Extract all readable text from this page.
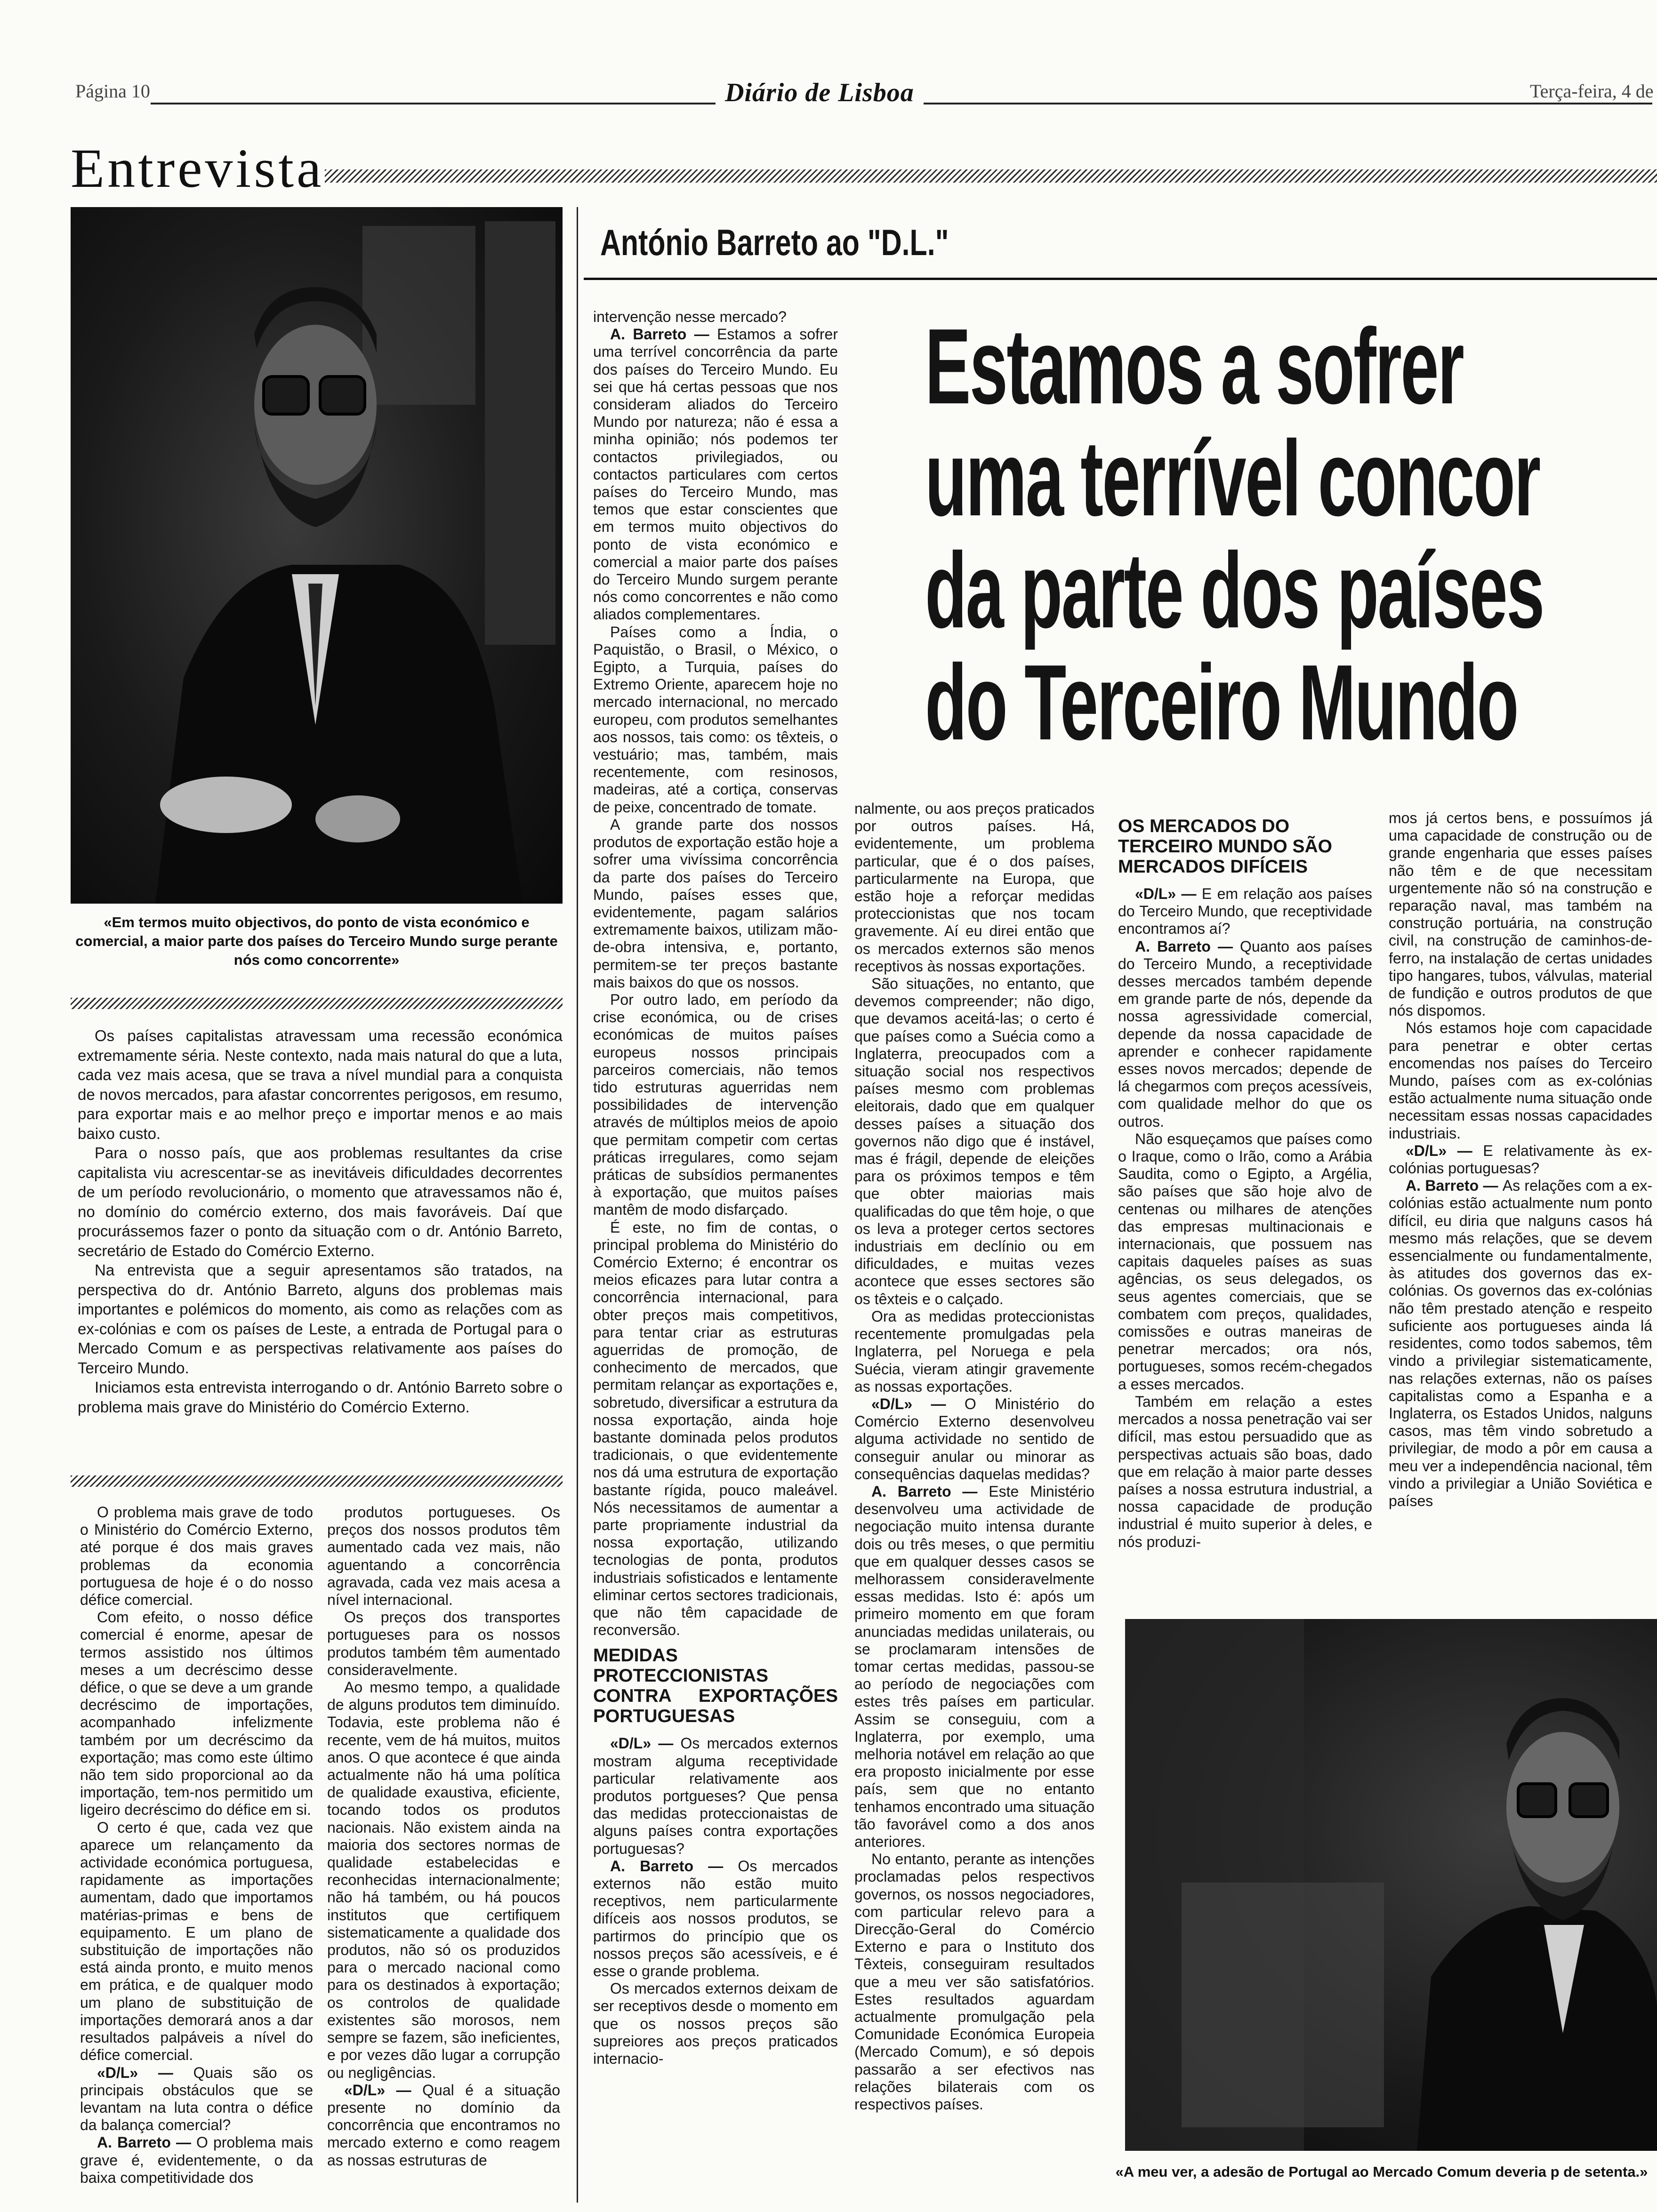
Página 10	Diário de Lisboa	Terça-feira, 4 de
Entrevista
«Em termos muito objectivos, do ponto de vista económico e comercial, a maior parte dos países do Terceiro Mundo surge perante nós como concorrente»

Os países capitalistas atravessam uma recessão económica extremamente séria. Neste contexto, nada mais natural do que a luta, cada vez mais acesa, que se trava a nível mundial para a conquista de novos mercados, para afastar concorrentes perigosos, em resumo, para exportar mais e ao melhor preço e importar menos e ao mais baixo custo.

Para o nosso país, que aos problemas resultantes da crise capitalista viu acrescentar-se as inevitáveis dificuldades decorrentes de um período revolucionário, o momento que atravessamos não é, no domínio do comércio externo, dos mais favoráveis. Daí que procurássemos fazer o ponto da situação com o dr. António Barreto, secretário de Estado do Comércio Externo.

Na entrevista que a seguir apresentamos são tratados, na perspectiva do dr. António Barreto, alguns dos problemas mais importantes e polémicos do momento, ais como as relações com as ex-colónias e com os países de Leste, a entrada de Portugal para o Mercado Comum e as perspectivas relativamente aos países do Terceiro Mundo.

Iniciamos esta entrevista interrogando o dr. António Barreto sobre o problema mais grave do Ministério do Comércio Externo.

O problema mais grave de todo o Ministério do Comércio Externo, até porque é dos mais graves problemas da economia portuguesa de hoje é o do nosso défice comercial.

Com efeito, o nosso défice comercial é enorme, apesar de termos assistido nos últimos meses a um decréscimo desse défice, o que se deve a um grande decréscimo de importações, acompanhado infelizmente também por um decréscimo da exportação; mas como este último não tem sido proporcional ao da importação, tem-nos permitido um ligeiro decréscimo do défice em si.

O certo é que, cada vez que aparece um relançamento da actividade económica portuguesa, rapidamente as importações aumentam, dado que importamos matérias-primas e bens de equipamento. E um plano de substituição de importações não está ainda pronto, e muito menos em prática, e de qualquer modo um plano de substituição de importações demorará anos a dar resultados palpáveis a nível do défice comercial.

«D/L» — Quais são os principais obstáculos que se levantam na luta contra o défice da balança comercial?

A. Barreto — O problema mais grave é, evidentemente, o da baixa competitividade dos

produtos portugueses. Os preços dos nossos produtos têm aumentado cada vez mais, não aguentando a concorrência agravada, cada vez mais acesa a nível internacional.

Os preços dos transportes portugueses para os nossos produtos também têm aumentado consideravelmente.

Ao mesmo tempo, a qualidade de alguns produtos tem diminuído. Todavia, este problema não é recente, vem de há muitos, muitos anos. O que acontece é que ainda actualmente não há uma política de qualidade exaustiva, eficiente, tocando todos os produtos nacionais. Não existem ainda na maioria dos sectores normas de qualidade estabelecidas e reconhecidas internacionalmente; não há também, ou há poucos institutos que certifiquem sistematicamente a qualidade dos produtos, não só os produzidos para o mercado nacional como para os destinados à exportação; os controlos de qualidade existentes são morosos, nem sempre se fazem, são ineficientes, e por vezes dão lugar a corrupção ou negligências.

«D/L» — Qual é a situação presente no domínio da concorrência que encontramos no mercado externo e como reagem as nossas estruturas de

António Barreto ao "D.L."

intervenção nesse mercado?

A. Barreto — Estamos a sofrer uma terrível concorrência da parte dos países do Terceiro Mundo. Eu sei que há certas pessoas que nos consideram aliados do Terceiro Mundo por natureza; não é essa a minha opinião; nós podemos ter contactos privilegiados, ou contactos particulares com certos países do Terceiro Mundo, mas temos que estar conscientes que em termos muito objectivos do ponto de vista económico e comercial a maior parte dos países do Terceiro Mundo surgem perante nós como concorrentes e não como aliados complementares.

Países como a Índia, o Paquistão, o Brasil, o México, o Egipto, a Turquia, países do Extremo Oriente, aparecem hoje no mercado internacional, no mercado europeu, com produtos semelhantes aos nossos, tais como: os têxteis, o vestuário; mas, também, mais recentemente, com resinosos, madeiras, até a cortiça, conservas de peixe, concentrado de tomate.

A grande parte dos nossos produtos de exportação estão hoje a sofrer uma vivíssima concorrência da parte dos países do Terceiro Mundo, países esses que, evidentemente, pagam salários extremamente baixos, utilizam mão-de-obra intensiva, e, portanto, permitem-se ter preços bastante mais baixos do que os nossos.

Por outro lado, em período da crise económica, ou de crises económicas de muitos países europeus nossos principais parceiros comerciais, não temos tido estruturas aguerridas nem possibilidades de intervenção através de múltiplos meios de apoio que permitam competir com certas práticas irregulares, como sejam práticas de subsídios permanentes à exportação, que muitos países mantêm de modo disfarçado.

É este, no fim de contas, o principal problema do Ministério do Comércio Externo; é encontrar os meios eficazes para lutar contra a concorrência internacional, para obter preços mais competitivos, para tentar criar as estruturas aguerridas de promoção, de conhecimento de mercados, que permitam relançar as exportações e, sobretudo, diversificar a estrutura da nossa exportação, ainda hoje bastante dominada pelos produtos tradicionais, o que evidentemente nos dá uma estrutura de exportação bastante rígida, pouco maleável. Nós necessitamos de aumentar a parte propriamente industrial da nossa exportação, utilizando tecnologias de ponta, produtos industriais sofisticados e lentamente eliminar certos sectores tradicionais, que não têm capacidade de reconversão.

MEDIDAS PROTECCIONISTAS CONTRA EXPORTAÇÕES PORTUGUESAS

«D/L» — Os mercados externos mostram alguma receptividade particular relativamente aos produtos portgueses? Que pensa das medidas proteccionaistas de alguns países contra exportações portuguesas?

A. Barreto — Os mercados externos não estão muito receptivos, nem particularmente difíceis aos nossos produtos, se partirmos do princípio que os nossos preços são acessíveis, e é esse o grande problema.

Os mercados externos deixam de ser receptivos desde o momento em que os nossos preços são supreiores aos preços praticados internacio-

Estamos a sofrer
uma terrível concor
da parte dos países
do Terceiro Mundo

nalmente, ou aos preços praticados por outros países. Há, evidentemente, um problema particular, que é o dos países, particularmente na Europa, que estão hoje a reforçar medidas proteccionistas que nos tocam gravemente. Aí eu direi então que os mercados externos são menos receptivos às nossas exportações.

São situações, no entanto, que devemos compreender; não digo, que devamos aceitá-las; o certo é que países como a Suécia como a Inglaterra, preocupados com a situação social nos respectivos países mesmo com problemas eleitorais, dado que em qualquer desses países a situação dos governos não digo que é instável, mas é frágil, depende de eleições para os próximos tempos e têm que obter maiorias mais qualificadas do que têm hoje, o que os leva a proteger certos sectores industriais em declínio ou em dificuldades, e muitas vezes acontece que esses sectores são os têxteis e o calçado.

Ora as medidas proteccionistas recentemente promulgadas pela Inglaterra, pel Noruega e pela Suécia, vieram atingir gravemente as nossas exportações.

«D/L» — O Ministério do Comércio Externo desenvolveu alguma actividade no sentido de conseguir anular ou minorar as consequências daquelas medidas?

A. Barreto — Este Ministério desenvolveu uma actividade de negociação muito intensa durante dois ou três meses, o que permitiu que em qualquer desses casos se melhorassem consideravelmente essas medidas. Isto é: após um primeiro momento em que foram anunciadas medidas unilaterais, ou se proclamaram intensões de tomar certas medidas, passou-se ao período de negociações com estes três países em particular. Assim se conseguiu, com a Inglaterra, por exemplo, uma melhoria notável em relação ao que era proposto inicialmente por esse país, sem que no entanto tenhamos encontrado uma situação tão favorável como a dos anos anteriores.

No entanto, perante as intenções proclamadas pelos respectivos governos, os nossos negociadores, com particular relevo para a Direcção-Geral do Comércio Externo e para o Instituto dos Têxteis, conseguiram resultados que a meu ver são satisfatórios. Estes resultados aguardam actualmente promulgação pela Comunidade Económica Europeia (Mercado Comum), e só depois passarão a ser efectivos nas relações bilaterais com os respectivos países.

OS MERCADOS DO TERCEIRO MUNDO SÃO MERCADOS DIFÍCEIS

«D/L» — E em relação aos países do Terceiro Mundo, que receptividade encontramos aí?

A. Barreto — Quanto aos países do Terceiro Mundo, a receptividade desses mercados também depende em grande parte de nós, depende da nossa agressividade comercial, depende da nossa capacidade de aprender e conhecer rapidamente esses novos mercados; depende de lá chegarmos com preços acessíveis, com qualidade melhor do que os outros.

Não esqueçamos que países como o Iraque, como o Irão, como a Arábia Saudita, como o Egipto, a Argélia, são países que são hoje alvo de centenas ou milhares de atenções das empresas multinacionais e internacionais, que possuem nas capitais daqueles países as suas agências, os seus delegados, os seus agentes comerciais, que se combatem com preços, qualidades, comissões e outras maneiras de penetrar mercados; ora nós, portugueses, somos recém-chegados a esses mercados.

Também em relação a estes mercados a nossa penetração vai ser difícil, mas estou persuadido que as perspectivas actuais são boas, dado que em relação à maior parte desses países a nossa estrutura industrial, a nossa capacidade de produção industrial é muito superior à deles, e nós produzi-

mos já certos bens, e possuímos já uma capacidade de construção ou de grande engenharia que esses países não têm e de que necessitam urgentemente não só na construção e reparação naval, mas também na construção portuária, na construção civil, na construção de caminhos-de-ferro, na instalação de certas unidades tipo hangares, tubos, válvulas, material de fundição e outros produtos de que nós dispomos.

Nós estamos hoje com capacidade para penetrar e obter certas encomendas nos países do Terceiro Mundo, países com as ex-colónias estão actualmente numa situação onde necessitam essas nossas capacidades industriais.

«D/L» — E relativamente às ex-colónias portuguesas?

A. Barreto — As relações com a ex-colónias estão actualmente num ponto difícil, eu diria que nalguns casos há mesmo más relações, que se devem essencialmente ou fundamentalmente, às atitudes dos governos das ex-colónias. Os governos das ex-colónias não têm prestado atenção e respeito suficiente aos portugueses ainda lá residentes, como todos sabemos, têm vindo a privilegiar sistematicamente, nas relações externas, não os países capitalistas como a Espanha e a Inglaterra, os Estados Unidos, nalguns casos, mas têm vindo sobretudo a privilegiar, de modo a pôr em causa a meu ver a independência nacional, têm vindo a privilegiar a União Soviética e países

«A meu ver, a adesão de Portugal ao Mercado Comum deveria p de setenta.»
